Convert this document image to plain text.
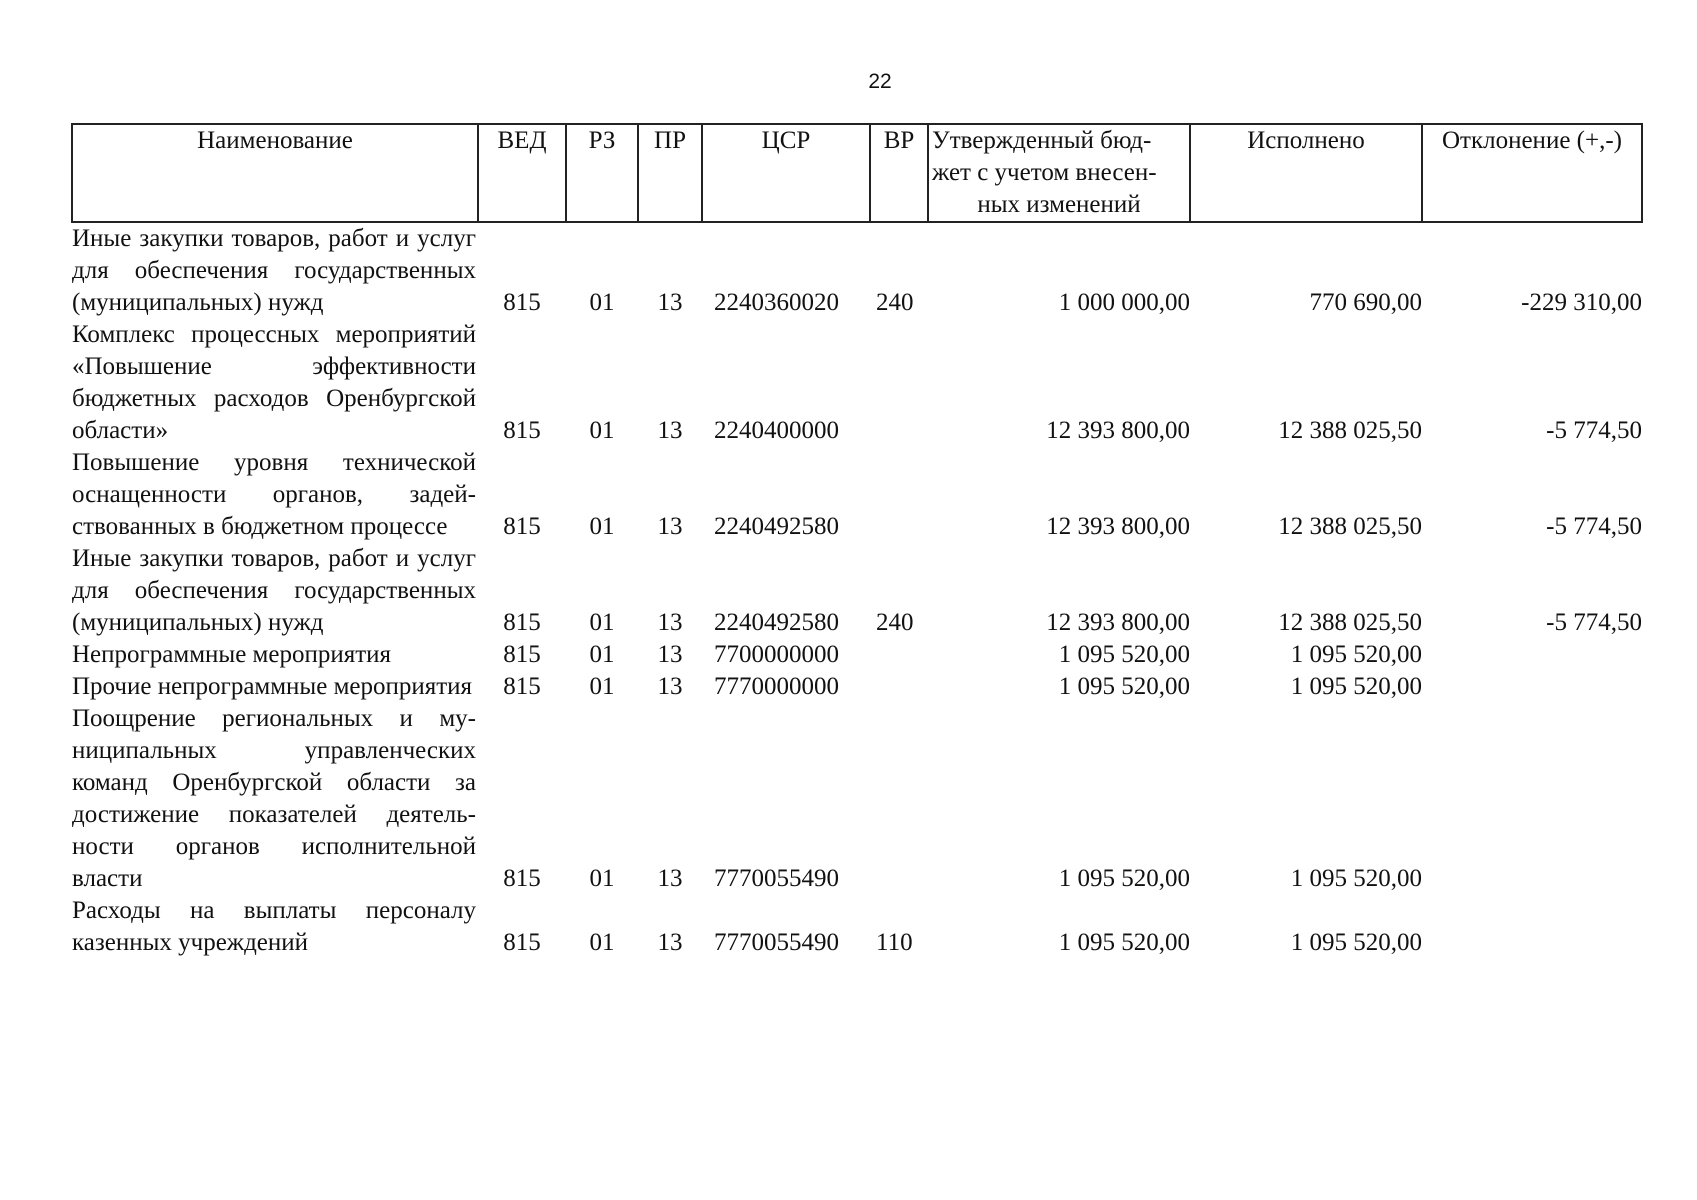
22
Наименование	ВЕД	РЗ	ПР	ЦСР	ВР	Утвержденный бюд-
жет с учетом внесен-
ных изменений	Исполнено	Отклонение (+,-)
Иные закупки товаров, работ и услуг для обеспечения государственных (муниципальных) нужд	815	01	13	2240360020	240	1 000 000,00	770 690,00	-229 310,00
Комплекс процессных мероприятий «Повышение эффективности бюджетных расходов Оренбургской области»	815	01	13	2240400000		12 393 800,00	12 388 025,50	-5 774,50
Повышение уровня технической оснащенности органов, задействованных в бюджетном процессе	815	01	13	2240492580		12 393 800,00	12 388 025,50	-5 774,50
Иные закупки товаров, работ и услуг для обеспечения государственных (муниципальных) нужд	815	01	13	2240492580	240	12 393 800,00	12 388 025,50	-5 774,50
Непрограммные мероприятия	815	01	13	7700000000		1 095 520,00	1 095 520,00	
Прочие непрограммные мероприятия	815	01	13	7770000000		1 095 520,00	1 095 520,00	
Поощрение региональных и муниципальных управленческих команд Оренбургской области за достижение показателей деятельности органов исполнительной власти	815	01	13	7770055490		1 095 520,00	1 095 520,00	
Расходы на выплаты персоналу казенных учреждений	815	01	13	7770055490	110	1 095 520,00	1 095 520,00	
